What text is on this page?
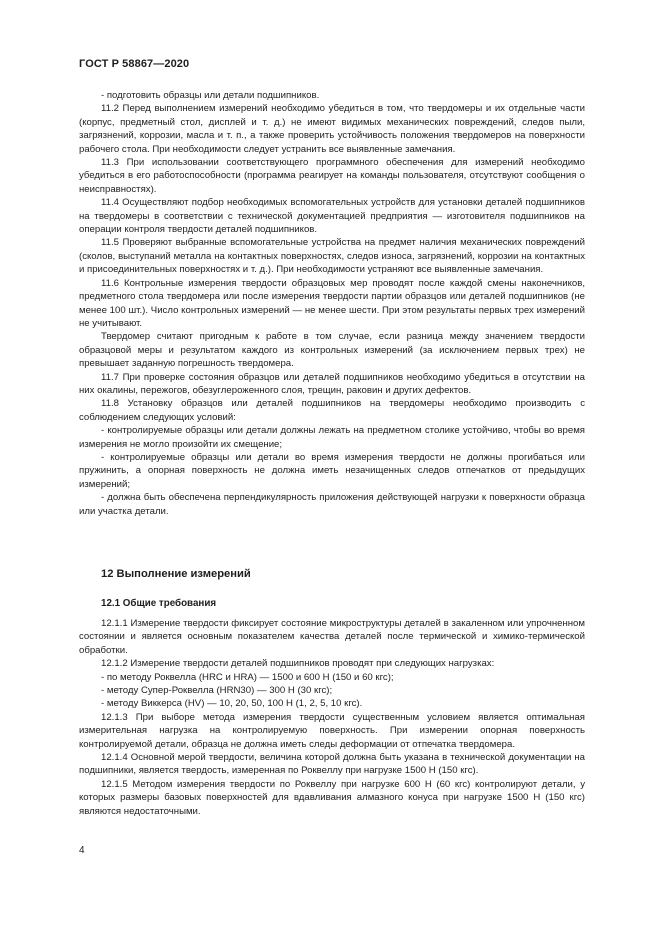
ГОСТ Р 58867—2020

- подготовить образцы или детали подшипников.

11.2 Перед выполнением измерений необходимо убедиться в том, что твердомеры и их отдельные части (корпус, предметный стол, дисплей и т. д.) не имеют видимых механических повреждений, следов пыли, загрязнений, коррозии, масла и т. п., а также проверить устойчивость положения твердомеров на поверхности рабочего стола. При необходимости следует устранить все выявленные замечания.

11.3 При использовании соответствующего программного обеспечения для измерений необходимо убедиться в его работоспособности (программа реагирует на команды пользователя, отсутствуют сообщения о неисправностях).

11.4 Осуществляют подбор необходимых вспомогательных устройств для установки деталей подшипников на твердомеры в соответствии с технической документацией предприятия — изготовителя подшипников на операции контроля твердости деталей подшипников.

11.5 Проверяют выбранные вспомогательные устройства на предмет наличия механических повреждений (сколов, выступаний металла на контактных поверхностях, следов износа, загрязнений, коррозии на контактных и присоединительных поверхностях и т. д.). При необходимости устраняют все выявленные замечания.

11.6 Контрольные измерения твердости образцовых мер проводят после каждой смены наконечников, предметного стола твердомера или после измерения твердости партии образцов или деталей подшипников (не менее 100 шт.). Число контрольных измерений — не менее шести. При этом результаты первых трех измерений не учитывают.

Твердомер считают пригодным к работе в том случае, если разница между значением твердости образцовой меры и результатом каждого из контрольных измерений (за исключением первых трех) не превышает заданную погрешность твердомера.

11.7 При проверке состояния образцов или деталей подшипников необходимо убедиться в отсутствии на них окалины, пережогов, обезуглероженного слоя, трещин, раковин и других дефектов.

11.8 Установку образцов или деталей подшипников на твердомеры необходимо производить с соблюдением следующих условий:

- контролируемые образцы или детали должны лежать на предметном столике устойчиво, чтобы во время измерения не могло произойти их смещение;

- контролируемые образцы или детали во время измерения твердости не должны прогибаться или пружинить, а опорная поверхность не должна иметь незачищенных следов отпечатков от предыдущих измерений;

- должна быть обеспечена перпендикулярность приложения действующей нагрузки к поверхности образца или участка детали.

12 Выполнение измерений
12.1 Общие требования

12.1.1 Измерение твердости фиксирует состояние микроструктуры деталей в закаленном или упрочненном состоянии и является основным показателем качества деталей после термической и химико-термической обработки.

12.1.2 Измерение твердости деталей подшипников проводят при следующих нагрузках:

- по методу Роквелла (HRC и HRA) — 1500 и 600 Н (150 и 60 кгс);

- методу Супер-Роквелла (HRN30) — 300 Н (30 кгс);

- методу Виккерса (HV) — 10, 20, 50, 100 Н (1, 2, 5, 10 кгс).

12.1.3 При выборе метода измерения твердости существенным условием является оптимальная измерительная нагрузка на контролируемую поверхность. При измерении опорная поверхность контролируемой детали, образца не должна иметь следы деформации от отпечатка твердомера.

12.1.4 Основной мерой твердости, величина которой должна быть указана в технической документации на подшипники, является твердость, измеренная по Роквеллу при нагрузке 1500 Н (150 кгс).

12.1.5 Методом измерения твердости по Роквеллу при нагрузке 600 Н (60 кгс) контролируют детали, у которых размеры базовых поверхностей для вдавливания алмазного конуса при нагрузке 1500 Н (150 кгс) являются недостаточными.

4
